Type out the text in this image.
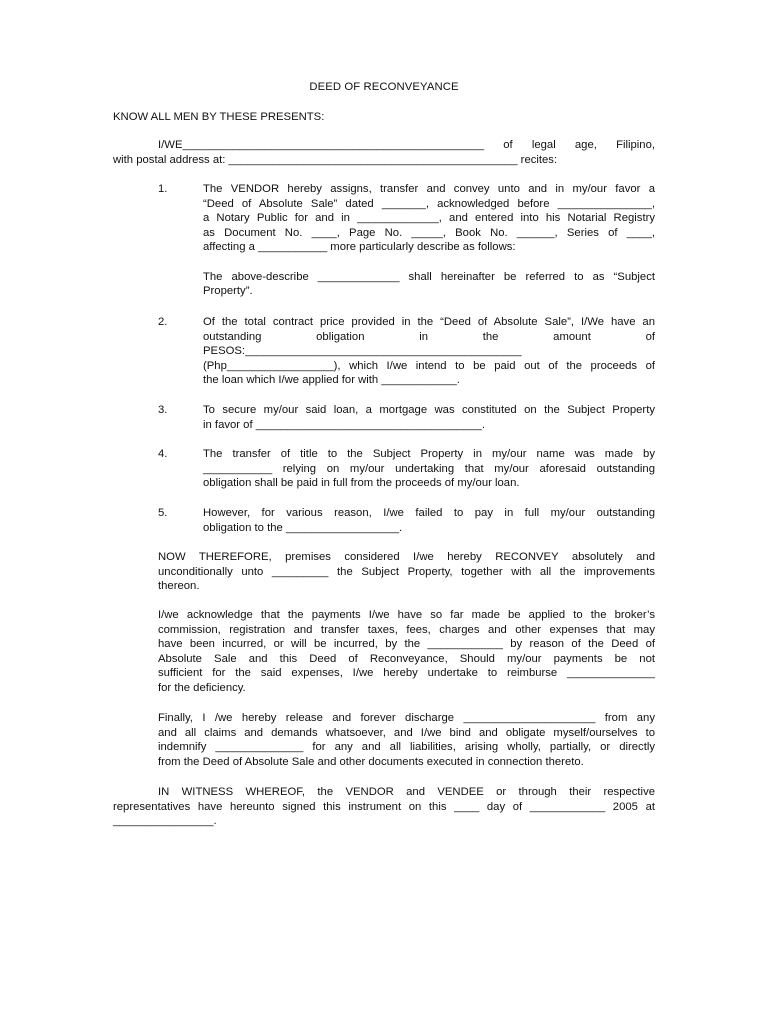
DEED OF RECONVEYANCE
KNOW ALL MEN BY THESE PRESENTS:
I/WE________________________________________________ of legal age, Filipino,
with postal address at: ______________________________________________ recites:
1.	The VENDOR hereby assigns, transfer and convey unto and in my/our favor a
“Deed of Absolute Sale” dated _______, acknowledged before _______________,
a Notary Public for and in _____________, and entered into his Notarial Registry
as Document No. ____, Page No. _____, Book No. ______, Series of ____,
affecting a ___________ more particularly describe as follows:
The above-describe _____________ shall hereinafter be referred to as “Subject
Property”.
2.	Of the total contract price provided in the “Deed of Absolute Sale”, I/We have an
outstanding obligation in the amount of
PESOS:____________________________________________
(Php_________________), which I/we intend to be paid out of the proceeds of
the loan which I/we applied for with ____________.
3.	To secure my/our said loan, a mortgage was constituted on the Subject Property
in favor of ____________________________________.
4.	The transfer of title to the Subject Property in my/our name was made by
___________ relying on my/our undertaking that my/our aforesaid outstanding
obligation shall be paid in full from the proceeds of my/our loan.
5.	However, for various reason, I/we failed to pay in full my/our outstanding
obligation to the __________________.
NOW THEREFORE, premises considered I/we hereby RECONVEY absolutely and
unconditionally unto _________ the Subject Property, together with all the improvements
thereon.
I/we acknowledge that the payments I/we have so far made be applied to the broker’s
commission, registration and transfer taxes, fees, charges and other expenses that may
have been incurred, or will be incurred, by the ____________ by reason of the Deed of
Absolute Sale and this Deed of Reconveyance, Should my/our payments be not
sufficient for the said expenses, I/we hereby undertake to reimburse ______________
for the deficiency.
Finally, I /we hereby release and forever discharge _____________________ from any
and all claims and demands whatsoever, and I/we bind and obligate myself/ourselves to
indemnify ______________ for any and all liabilities, arising wholly, partially, or directly
from the Deed of Absolute Sale and other documents executed in connection thereto.
IN WITNESS WHEREOF, the VENDOR and VENDEE or through their respective
representatives have hereunto signed this instrument on this ____ day of ____________ 2005 at
________________.
